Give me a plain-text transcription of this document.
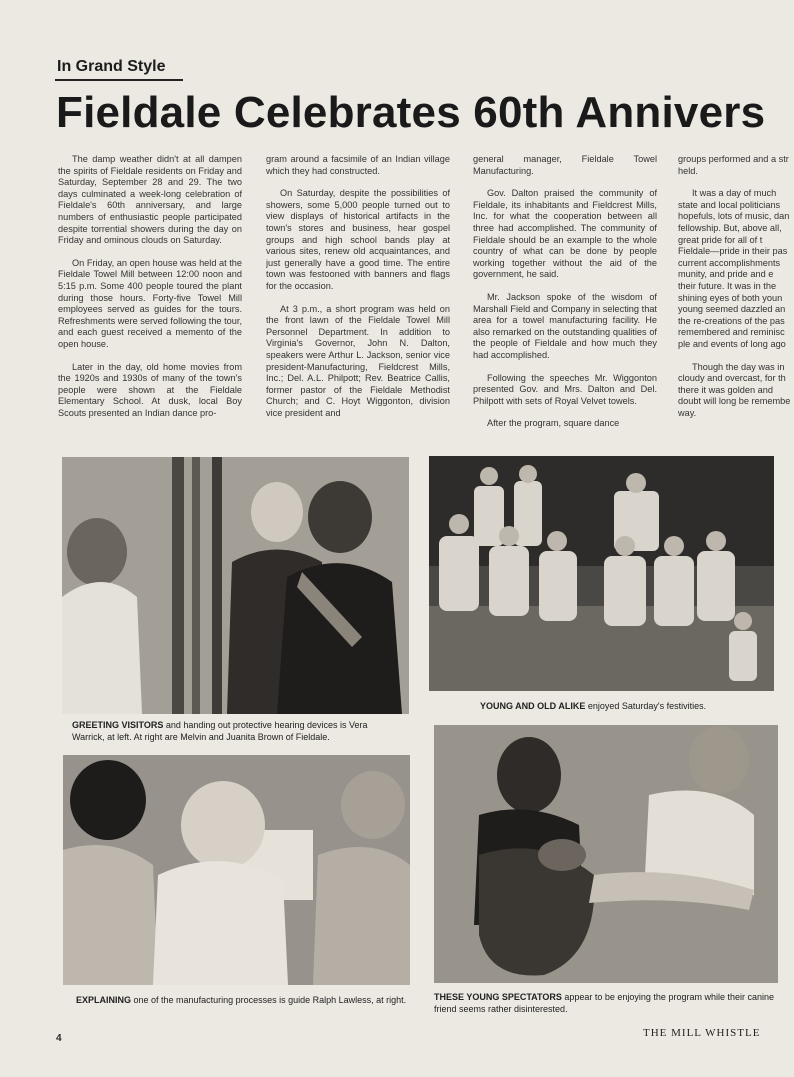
In Grand Style
Fieldale Celebrates 60th Annivers

The damp weather didn't at all dampen the spirits of Fieldale residents on Friday and Saturday, September 28 and 29. The two days culminated a week-long celebration of Fieldale's 60th anniversary, and large numbers of enthusiastic people participated despite torrential showers during the day on Friday and ominous clouds on Saturday.

On Friday, an open house was held at the Fieldale Towel Mill between 12:00 noon and 5:15 p.m. Some 400 people toured the plant during those hours. Forty-five Towel Mill employees served as guides for the tours. Refreshments were served following the tour, and each guest received a memento of the open house.

Later in the day, old home movies from the 1920s and 1930s of many of the town's people were shown at the Fieldale Elementary School. At dusk, local Boy Scouts presented an Indian dance pro-

gram around a facsimile of an Indian village which they had constructed.

On Saturday, despite the possibilities of showers, some 5,000 people turned out to view displays of historical artifacts in the town's stores and business, hear gospel groups and high school bands play at various sites, renew old acquaintances, and just generally have a good time. The entire town was festooned with banners and flags for the occasion.

At 3 p.m., a short program was held on the front lawn of the Fieldale Towel Mill Personnel Department. In addition to Virginia's Governor, John N. Dalton, speakers were Arthur L. Jackson, senior vice president-Manufacturing, Fieldcrest Mills, Inc.; Del. A.L. Philpott; Rev. Beatrice Callis, former pastor of the Fieldale Methodist Church; and C. Hoyt Wiggonton, division vice president and

general manager, Fieldale Towel Manufacturing.

Gov. Dalton praised the community of Fieldale, its inhabitants and Fieldcrest Mills, Inc. for what the cooperation between all three had accomplished. The community of Fieldale should be an example to the whole country of what can be done by people working together without the aid of the government, he said.

Mr. Jackson spoke of the wisdom of Marshall Field and Company in selecting that area for a towel manufacturing facility. He also remarked on the outstanding qualities of the people of Fieldale and how much they had accomplished.

Following the speeches Mr. Wiggonton presented Gov. and Mrs. Dalton and Del. Philpott with sets of Royal Velvet towels.

After the program, square dance

groups performed and a str

held.

It was a day of much

state and local politicians

hopefuls, lots of music, dan

fellowship. But, above all,

great pride for all of t

Fieldale—pride in their pas

current accomplishments

munity, and pride and e

their future. It was in the

shining eyes of both youn

young seemed dazzled an

the re-creations of the pas

remembered and reminisc

ple and events of long ago

Though the day was in

cloudy and overcast, for th

there it was golden and

doubt will long be remembe

way.

GREETING VISITORS and handing out protective hearing devices is Vera Warrick, at left. At right are Melvin and Juanita Brown of Fieldale.
YOUNG AND OLD ALIKE enjoyed Saturday's festivities.
EXPLAINING one of the manufacturing processes is guide Ralph Lawless, at right.	THESE YOUNG SPECTATORS appear to be enjoying the program while their canine friend seems rather disinterested.
4	THE MILL WHISTLE
